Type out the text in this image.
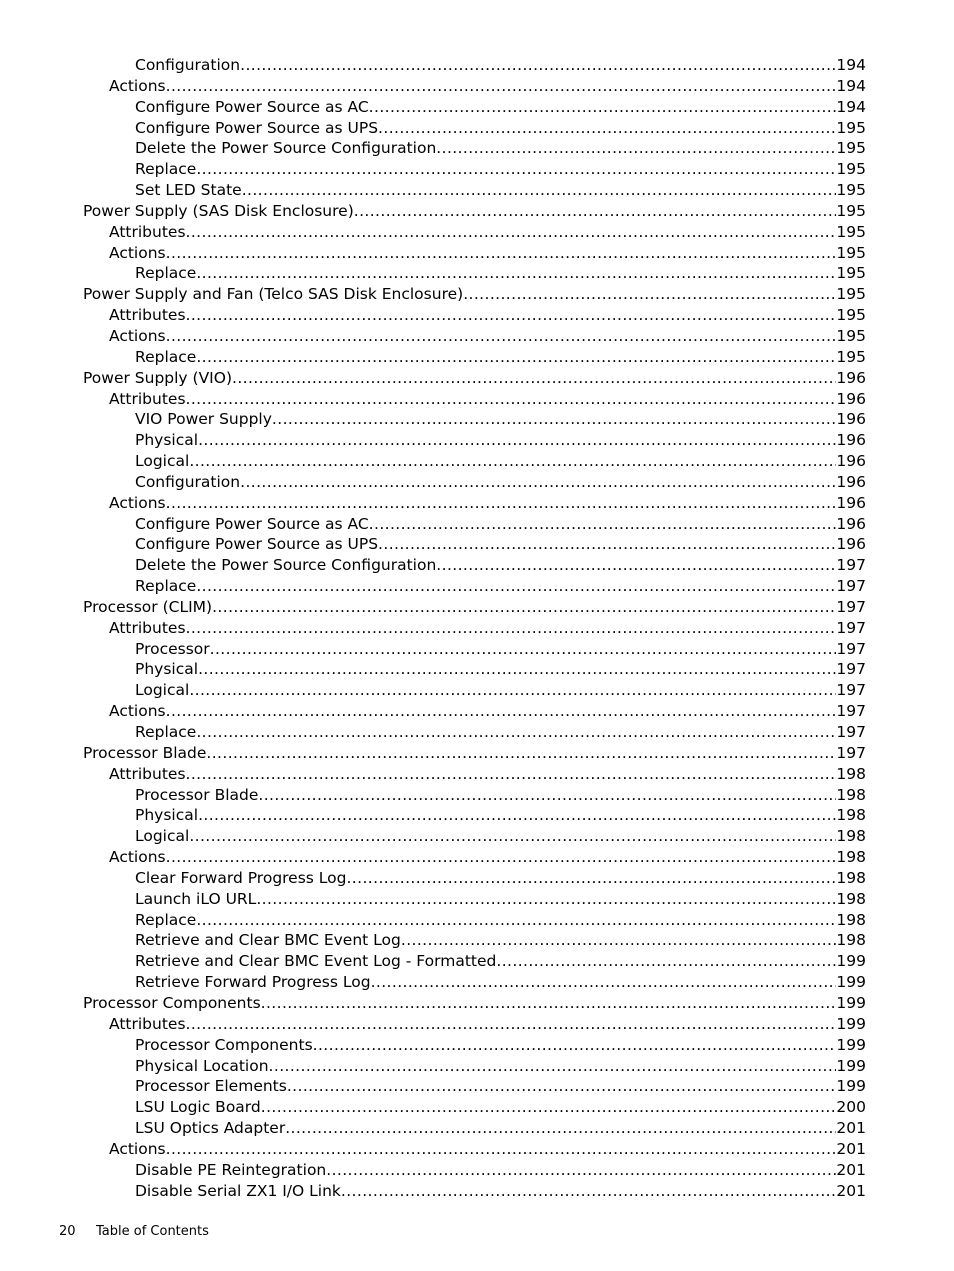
Configuration .....	194
Actions .....	194
Configure Power Source as AC .....	194
Configure Power Source as UPS .....	195
Delete the Power Source Configuration .....	195
Replace .....	195
Set LED State .....	195
Power Supply (SAS Disk Enclosure) .....	195
Attributes .....	195
Actions .....	195
Replace .....	195
Power Supply and Fan (Telco SAS Disk Enclosure) .....	195
Attributes .....	195
Actions .....	195
Replace .....	195
Power Supply (VIO) .....	196
Attributes .....	196
VIO Power Supply .....	196
Physical .....	196
Logical .....	196
Configuration .....	196
Actions .....	196
Configure Power Source as AC .....	196
Configure Power Source as UPS .....	196
Delete the Power Source Configuration .....	197
Replace .....	197
Processor (CLIM) .....	197
Attributes .....	197
Processor .....	197
Physical .....	197
Logical .....	197
Actions .....	197
Replace .....	197
Processor Blade .....	197
Attributes .....	198
Processor Blade .....	198
Physical .....	198
Logical .....	198
Actions .....	198
Clear Forward Progress Log .....	198
Launch iLO URL .....	198
Replace .....	198
Retrieve and Clear BMC Event Log .....	198
Retrieve and Clear BMC Event Log - Formatted .....	199
Retrieve Forward Progress Log .....	199
Processor Components .....	199
Attributes .....	199
Processor Components .....	199
Physical Location .....	199
Processor Elements .....	199
LSU Logic Board .....	200
LSU Optics Adapter .....	201
Actions .....	201
Disable PE Reintegration .....	201
Disable Serial ZX1 I/O Link .....	201
20 Table of Contents
